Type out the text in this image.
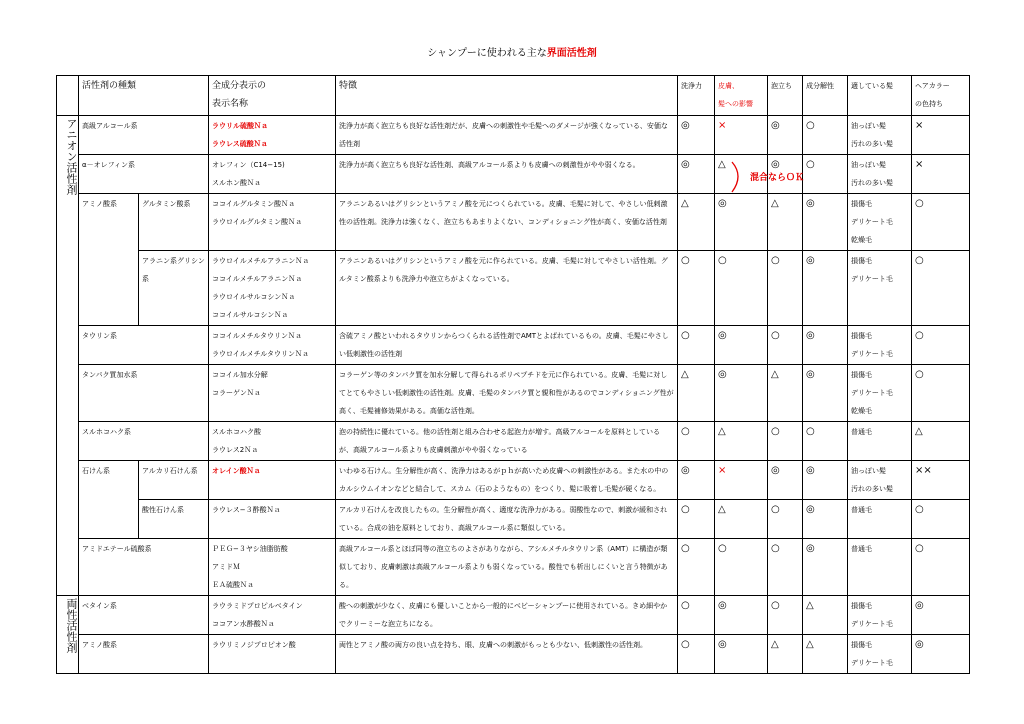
シャンプーに使われる主な界面活性剤
	活性剤の種類		全成分表示の
表示名称	特徴	洗浄力	皮膚、
髪への影響	泡立ち	成分解性	適している髪	ヘアカラー
の色持ち

アニオン活性剤	高級アルコール系		ラウリル硫酸Ｎａ
ラウレス硫酸Ｎａ	洗浄力が高く泡立ちも良好な活性剤だが、皮膚への刺激性や毛髪へのダメージが強くなっている、安価な活性剤	◎	×	◎	○	油っぽい髪
汚れの多い髪	×
	α－オレフィン系		オレフィン（C14−15)
スルホン酸Ｎａ	洗浄力が高く泡立ちも良好な活性剤、高級アルコール系よりも皮膚への刺激性がやや弱くなる。	◎	△	◎	○	油っぽい髪
汚れの多い髪	×
	アミノ酸系	グルタミン酸系	ココイルグルタミン酸Ｎａ
ラウロイルグルタミン酸Ｎａ	アラニンあるいはグリシンというアミノ酸を元につくられている。皮膚、毛髪に対して、やさしい低刺激性の活性剤。洗浄力は強くなく、泡立ちもあまりよくない、コンディショニング性が高く、安価な活性剤	△	◎	△	◎	損傷毛
デリケート毛
乾燥毛	○
		アラニン系グリシン系	ラウロイルメチルアラニンＮａ
ココイルメチルアラニンＮａ
ラウロイルサルコシンＮａ
ココイルサルコシンＮａ	アラニンあるいはグリシンというアミノ酸を元に作られている。皮膚、毛髪に対してやさしい活性剤。グルタミン酸系よりも洗浄力や泡立ちがよくなっている。	○	○	○	◎	損傷毛
デリケート毛	○
	タウリン系		ココイルメチルタウリンＮａ
ラウロイルメチルタウリンＮａ	含硫アミノ酸といわれるタウリンからつくられる活性剤でAMTとよばれているもの。皮膚、毛髪にやさしい低刺激性の活性剤	○	◎	○	◎	損傷毛
デリケート毛	○
	タンパク質加水系		ココイル加水分解
コラーゲンＮａ	コラーゲン等のタンパク質を加水分解して得られるポリペプチドを元に作られている。皮膚、毛髪に対してとてもやさしい低刺激性の活性剤。皮膚、毛髪のタンパク質と親和性があるのでコンディショニング性が高く、毛髪補修効果がある。高価な活性剤。	△	◎	△	◎	損傷毛
デリケート毛
乾燥毛	○
	スルホコハク系		スルホコハク酸
ラウレス2Ｎａ	泡の持続性に優れている。他の活性剤と組み合わせる起泡力が増す。高級アルコールを原料としているが、高級アルコール系よりも皮膚刺激がやや弱くなっている	○	△	○	○	普通毛	△
	石けん系	アルカリ石けん系	オレイン酸Ｎａ	いわゆる石けん。生分解性が高く、洗浄力はあるがｐｈが高いため皮膚への刺激性がある。また水の中のカルシウムイオンなどと結合して、スカム（石のようなもの）をつくり、髪に吸着し毛髪が硬くなる。	◎	×	◎	◎	油っぽい髪
汚れの多い髪	××
		酸性石けん系	ラウレス−３酢酸Ｎａ	アルカリ石けんを改良したもの。生分解性が高く、適度な洗浄力がある。弱酸性なので、刺激が緩和されている。合成の油を原料としており、高級アルコール系に類似している。	○	△	○	◎	普通毛	○
	アミドエテール硫酸系		ＰＥＧ−３ヤシ油脂肪酸
アミドＭ
ＥＡ硫酸Ｎａ	高級アルコール系とほぼ同等の泡立ちのよさがありながら、アシルメチルタウリン系（AMT）に構造が類似しており、皮膚刺激は高級アルコール系よりも弱くなっている。酸性でも析出しにくいと言う特徴がある。	○	○	○	◎	普通毛	○
両性活性剤	ベタイン系		ラウラミドプロピルベタイン
ココアン水酢酸Ｎａ	酸への刺激が少なく、皮膚にも優しいことから一般的にベビーシャンプーに使用されている。きめ細やかでクリーミーな泡立ちになる。	○	◎	○	△	損傷毛
デリケート毛	◎
	アミノ酸系		ラウリミノジプロピオン酸	両性とアミノ酸の両方の良い点を持ち、眼、皮膚への刺激がもっとも少ない、低刺激性の活性剤。	○	◎	△	△	損傷毛
デリケート毛	◎
混合ならＯＫ
